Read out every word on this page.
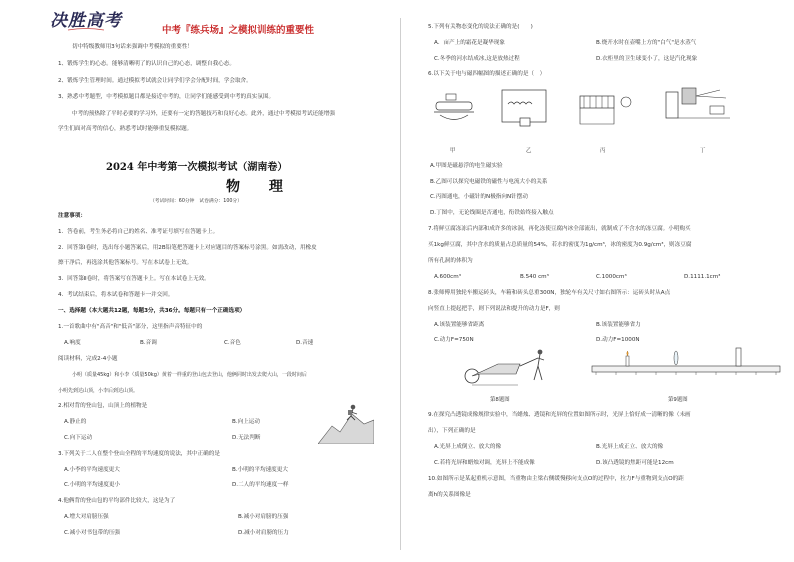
决胜高考	中考『练兵场』之模拟训练的重要性
切中特级教师用3句话来强调中考模拟的重要性！
1、锻炼学生的心态。能够清晰明了的认识自己的心态，调整自我心态。
2、锻炼学生管理时间。通过模拟考试就会让同学们学会分配时间，学会取舍。
3、熟悉中考题型，中考模拟题目都是接近中考的，让同学们能感受到中考的真实氛围。
中考的预热除了平时必要的学习外，还要有一定的答题技巧和良好心态。此外，通过中考模拟考试还能增强
学生们面对高考的信心，熟悉考试时能够重复模拟题。
2024 年中考第一次模拟考试（湖南卷）
物 理
（考试时间：60分钟　试卷满分：100分）
注意事项：
1．答卷前，考生务必将自己的姓名、准考证号填写在答题卡上。
2．回答第Ⅰ卷时，选出每小题答案后，用2B铅笔把答题卡上对应题目的答案标号涂黑。如需改动，用橡皮
擦干净后，再选涂其他答案标号。写在本试卷上无效。
3．回答第Ⅱ卷时，将答案写在答题卡上。写在本试卷上无效。
4．考试结束后，将本试卷和答题卡一并交回。
一、选择题（本大题共12题，每题3分，共36分。每题只有一个正确选项）
1.一首歌曲中有"高音"和"低音"部分，这里指声音特征中的
A.响度	B.音调	C.音色	D.音速
阅读材料，完成2-4小题
小明（质量45kg）和小李（质量50kg）黄着一样重的登山包去登山，他俩同时出发去爬大山，一段时间后
小明先到达山顶，小李后到达山顶。
2.相对背的登山包，山顶上的植物是
A.静止的	B.向上运动
C.向下运动	D.无法判断
3.下列关于二人在整个登山全程的平均速度的说法，其中正确的是
A.小李的平均速度更大	B.小明的平均速度更大
C.小明的平均速度更小	D.二人的平均速度一样
4.他俩背的登山包的平均部件比较大，这是为了
A.增大对肩膀压强	B.减小对肩膀的压强
C.减小对书包带的压强	D.减小对肩膀的压力
5.下列有关物态变化的说法正确的是(　　)
A．亩产上的霜花是凝华现象	B.烧开水时在壶嘴上方的"白气"是水蒸气
C.冬季的河水结成冰,这是放热过程	D.衣柜里的卫生球变小了，这是汽化现象
6.以下关于电与磁四幅图的描述正确的是（　）
甲	乙	丙	丁
A.甲图是磁悬浮的电生磁实验
B.乙图可以探究电磁铁的磁性与电流大小的关系
C.丙图通电，小磁针的N极指向N针摆动
D.丁图中，无论线圈是否通电，衔铁始终接入触点
7.将鲜豆腐冻冻后内部和成许多的冰洞，再化冻使豆腐内冰全部流出，就制成了不含水的冻豆腐。小明购买
买1kg鲜豆腐，其中含水的质量占总质量的54%，若水的密度为1g/cm³，冰的密度为0.9g/cm³，则冻豆腐
所有孔洞的体积为
A.600cm³	B.540 cm³	C.1000cm³	D.1111.1cm³
8.张师傅用独轮车搬运砖头，车箱和砖头总重300N，独轮车有关尺寸如右图所示：运砖头时从A点
向竖直上提起把手，则下列说法和提升的动力是F，则
A.该装置能够省距离	B.该装置能够省力
C.动力F=750N	D.动力F=1000N
第8题图	第9题图
9.在探究凸透镜成像规律实验中，当蜡烛、透镜和光屏的位置如图所示时，光屏上恰好成一清晰的像（未画
出），下列正确的是
A.光屏上成倒立、放大的像	B.光屏上成正立、放大的像
C.若将光屏和蜡烛对调，光屏上不能成像	D.该凸透镜的焦距可能是12cm
10.如图所示是某起重机示意图，当重物由主梁右侧缓慢移向支点O的过程中，拉力F与重物到支点O的距
离h的关系图像是
